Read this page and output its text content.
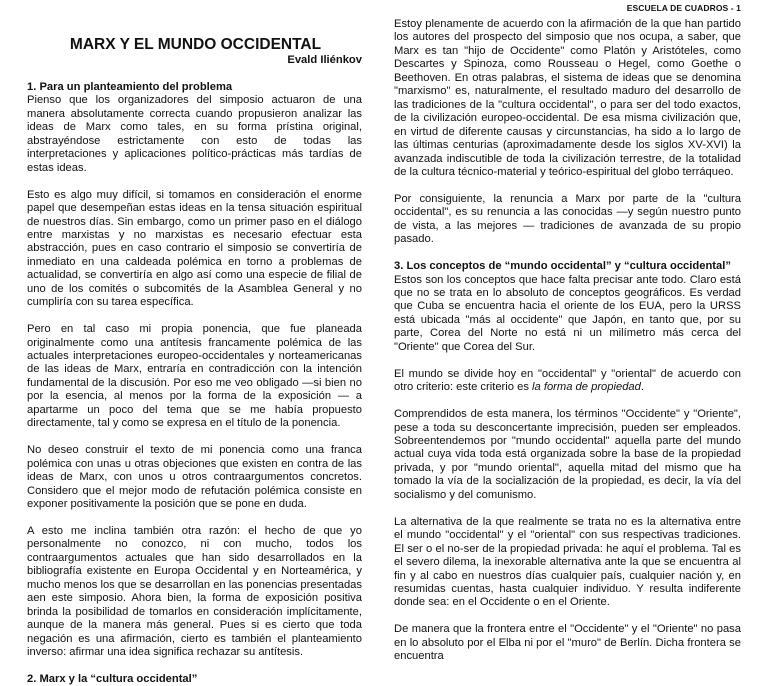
ESCUELA DE CUADROS - 1
MARX Y EL MUNDO OCCIDENTAL
Evald Iliénkov
1. Para un planteamiento del problema

Pienso que los organizadores del simposio actuaron de una manera absolutamente correcta cuando propusieron analizar las ideas de Marx como tales, en su forma prístina original, abstrayéndose estrictamente con esto de todas las interpretaciones y aplicaciones político-prácticas más tardías de estas ideas.

Esto es algo muy difícil, si tomamos en consideración el enorme papel que desempeñan estas ideas en la tensa situación espiritual de nuestros días. Sin embargo, como un primer paso en el diálogo entre marxistas y no marxistas es necesario efectuar esta abstracción, pues en caso contrario el simposio se convertiría de inmediato en una caldeada polémica en torno a problemas de actualidad, se convertiría en algo así como una especie de filial de uno de los comités o subcomités de la Asamblea General y no cumpliría con su tarea específica.

Pero en tal caso mi propia ponencia, que fue planeada originalmente como una antítesis francamente polémica de las actuales interpretaciones europeo-occidentales y norteamericanas de las ideas de Marx, entraría en contradicción con la intención fundamental de la discusión. Por eso me veo obligado —si bien no por la esencia, al menos por la forma de la exposición — a apartarme un poco del tema que se me había propuesto directamente, tal y como se expresa en el título de la ponencia.

No deseo construir el texto de mi ponencia como una franca polémica con unas u otras objeciones que existen en contra de las ideas de Marx, con unos u otros contraargumentos concretos. Considero que el mejor modo de refutación polémica consiste en exponer positivamente la posición que se pone en duda.

A esto me inclina también otra razón: el hecho de que yo personalmente no conozco, ni con mucho, todos los contraargumentos actuales que han sido desarrollados en la bibliografía existente en Europa Occidental y en Norteamérica, y mucho menos los que se desarrollan en las ponencias presentadas aen este simposio. Ahora bien, la forma de exposición positiva brinda la posibilidad de tomarlos en consideración implícitamente, aunque de la manera más general. Pues si es cierto que toda negación es una afirmación, cierto es también el planteamiento inverso: afirmar una idea significa rechazar su antítesis.

2. Marx y la “cultura occidental”

Estoy plenamente de acuerdo con la afirmación de la que han partido los autores del prospecto del simposio que nos ocupa, a saber, que Marx es tan "hijo de Occidente" como Platón y Aristóteles, como Descartes y Spinoza, como Rousseau o Hegel, como Goethe o Beethoven. En otras palabras, el sistema de ideas que se denomina "marxismo" es, naturalmente, el resultado maduro del desarrollo de las tradiciones de la "cultura occidental", o para ser del todo exactos, de la civilización europeo-occidental. De esa misma civilización que, en virtud de diferente causas y circunstancias, ha sido a lo largo de las últimas centurias (aproximadamente desde los siglos XV-XVI) la avanzada indiscutible de toda la civilización terrestre, de la totalidad de la cultura técnico-material y teórico-espiritual del globo terráqueo.

Por consiguiente, la renuncia a Marx por parte de la "cultura occidental", es su renuncia a las conocidas —y según nuestro punto de vista, a las mejores — tradiciones de avanzada de su propio pasado.

3. Los conceptos de “mundo occidental” y “cultura occidental”

Estos son los conceptos que hace falta precisar ante todo. Claro está que no se trata en lo absoluto de conceptos geográficos. Es verdad que Cuba se encuentra hacia el oriente de los EUA, pero la URSS está ubicada "más al occidente" que Japón, en tanto que, por su parte, Corea del Norte no está ni un milímetro más cerca del "Oriente" que Corea del Sur.

El mundo se divide hoy en "occidental" y "oriental" de acuerdo con otro criterio: este criterio es la forma de propiedad.

Comprendidos de esta manera, los términos "Occidente" y "Oriente", pese a toda su desconcertante imprecisión, pueden ser empleados. Sobreentendemos por "mundo occidental" aquella parte del mundo actual cuya vida toda está organizada sobre la base de la propiedad privada, y por "mundo oriental", aquella mitad del mismo que ha tomado la vía de la socialización de la propiedad, es decir, la vía del socialismo y del comunismo.

La alternativa de la que realmente se trata no es la alternativa entre el mundo "occidental" y el "oriental" con sus respectivas tradiciones. El ser o el no-ser de la propiedad privada: he aquí el problema. Tal es el severo dilema, la inexorable alternativa ante la que se encuentra al fin y al cabo en nuestros días cualquier país, cualquier nación y, en resumidas cuentas, hasta cualquier individuo. Y resulta indiferente donde sea: en el Occidente o en el Oriente.

De manera que la frontera entre el "Occidente" y el "Oriente" no pasa en lo absoluto por el Elba ni por el "muro" de Berlín. Dicha frontera se encuentra
